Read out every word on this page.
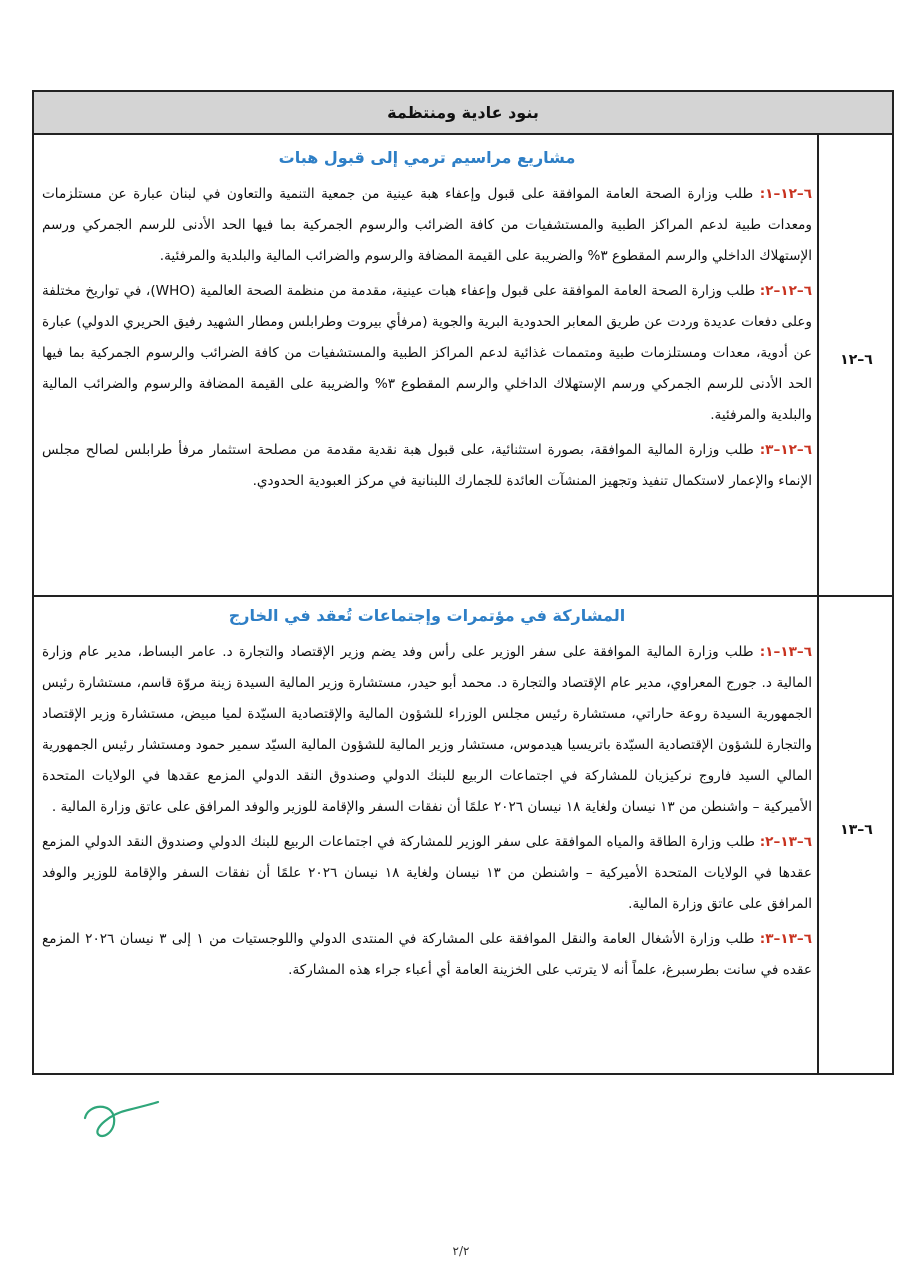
بنود عادية ومنتظمة
٦–١٢
مشاريع مراسيم ترمي إلى قبول هبات

٦–١٢–١: طلب وزارة الصحة العامة الموافقة على قبول وإعفاء هبة عينية من جمعية التنمية والتعاون في لبنان عبارة عن مستلزمات ومعدات طبية لدعم المراكز الطبية والمستشفيات من كافة الضرائب والرسوم الجمركية بما فيها الحد الأدنى للرسم الجمركي ورسم الإستهلاك الداخلي والرسم المقطوع ٣% والضريبة على القيمة المضافة والرسوم والضرائب المالية والبلدية والمرفئية.

٦–١٢–٢: طلب وزارة الصحة العامة الموافقة على قبول وإعفاء هبات عينية، مقدمة من منظمة الصحة العالمية (WHO)، في تواريخ مختلفة وعلى دفعات عديدة وردت عن طريق المعابر الحدودية البرية والجوية (مرفأي بيروت وطرابلس ومطار الشهيد رفيق الحريري الدولي) عبارة عن أدوية، معدات ومستلزمات طبية ومتممات غذائية لدعم المراكز الطبية والمستشفيات من كافة الضرائب والرسوم الجمركية بما فيها الحد الأدنى للرسم الجمركي ورسم الإستهلاك الداخلي والرسم المقطوع ٣% والضريبة على القيمة المضافة والرسوم والضرائب المالية والبلدية والمرفئية.

٦–١٢–٣: طلب وزارة المالية الموافقة، بصورة استثنائية، على قبول هبة نقدية مقدمة من مصلحة استثمار مرفأ طرابلس لصالح مجلس الإنماء والإعمار لاستكمال تنفيذ وتجهيز المنشآت العائدة للجمارك اللبنانية في مركز العبودية الحدودي.

٦–١٣
المشاركة في مؤتمرات وإجتماعات تُعقد في الخارج

٦–١٣–١: طلب وزارة المالية الموافقة على سفر الوزير على رأس وفد يضم وزير الإقتصاد والتجارة د. عامر البساط، مدير عام وزارة المالية د. جورج المعراوي، مدير عام الإقتصاد والتجارة د. محمد أبو حيدر، مستشارة وزير المالية السيدة زينة مروّة قاسم، مستشارة رئيس الجمهورية السيدة روعة حاراتي، مستشارة رئيس مجلس الوزراء للشؤون المالية والإقتصادية السيّدة لميا مبيض، مستشارة وزير الإقتصاد والتجارة للشؤون الإقتصادية السيّدة باتريسيا هيدموس، مستشار وزير المالية للشؤون المالية السيّد سمير حمود ومستشار رئيس الجمهورية المالي السيد فاروج نركيزيان للمشاركة في اجتماعات الربيع للبنك الدولي وصندوق النقد الدولي المزمع عقدها في الولايات المتحدة الأميركية – واشنطن من ١٣ نيسان ولغاية ١٨ نيسان ٢٠٢٦ علمًا أن نفقات السفر والإقامة للوزير والوفد المرافق على عاتق وزارة المالية .

٦–١٣–٢: طلب وزارة الطاقة والمياه الموافقة على سفر الوزير للمشاركة في اجتماعات الربيع للبنك الدولي وصندوق النقد الدولي المزمع عقدها في الولايات المتحدة الأميركية – واشنطن من ١٣ نيسان ولغاية ١٨ نيسان ٢٠٢٦ علمًا أن نفقات السفر والإقامة للوزير والوفد المرافق على عاتق وزارة المالية.

٦–١٣–٣: طلب وزارة الأشغال العامة والنقل الموافقة على المشاركة في المنتدى الدولي واللوجستيات من ١ إلى ٣ نيسان ٢٠٢٦ المزمع عقده في سانت بطرسبرغ، علماً أنه لا يترتب على الخزينة العامة أي أعباء جراء هذه المشاركة.

٢/٢
